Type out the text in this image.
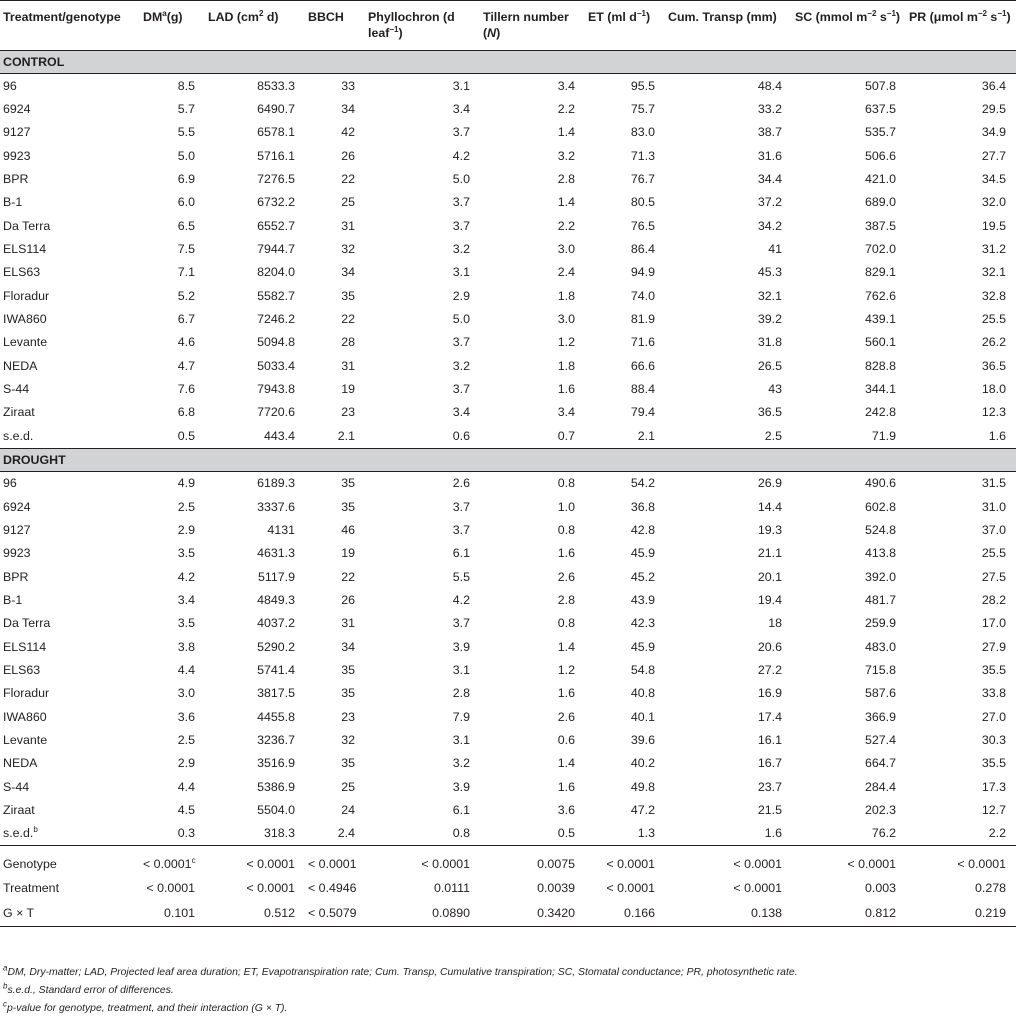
Treatment/genotype	$DM^a(g)$	LAD ($cm^2$ d)	BBCH	Phyllochron (d leaf$^{-1}$)	Tillern number (N)	ET (ml $d^{-1}$)	Cum. Transp (mm)	SC (mmol $m^{-2}$ $s^{-1}$)	PR (μmol $m^{-2}$ $s^{-1}$)
CONTROL									
96	8.5	8533.3	33	3.1	3.4	95.5	48.4	507.8	36.4
6924	5.7	6490.7	34	3.4	2.2	75.7	33.2	637.5	29.5
9127	5.5	6578.1	42	3.7	1.4	83.0	38.7	535.7	34.9
9923	5.0	5716.1	26	4.2	3.2	71.3	31.6	506.6	27.7
BPR	6.9	7276.5	22	5.0	2.8	76.7	34.4	421.0	34.5
B-1	6.0	6732.2	25	3.7	1.4	80.5	37.2	689.0	32.0
Da Terra	6.5	6552.7	31	3.7	2.2	76.5	34.2	387.5	19.5
ELS114	7.5	7944.7	32	3.2	3.0	86.4	41	702.0	31.2
ELS63	7.1	8204.0	34	3.1	2.4	94.9	45.3	829.1	32.1
Floradur	5.2	5582.7	35	2.9	1.8	74.0	32.1	762.6	32.8
IWA860	6.7	7246.2	22	5.0	3.0	81.9	39.2	439.1	25.5
Levante	4.6	5094.8	28	3.7	1.2	71.6	31.8	560.1	26.2
NEDA	4.7	5033.4	31	3.2	1.8	66.6	26.5	828.8	36.5
S-44	7.6	7943.8	19	3.7	1.6	88.4	43	344.1	18.0
Ziraat	6.8	7720.6	23	3.4	3.4	79.4	36.5	242.8	12.3
s.e.d.	0.5	443.4	2.1	0.6	0.7	2.1	2.5	71.9	1.6
DROUGHT									
96	4.9	6189.3	35	2.6	0.8	54.2	26.9	490.6	31.5
6924	2.5	3337.6	35	3.7	1.0	36.8	14.4	602.8	31.0
9127	2.9	4131	46	3.7	0.8	42.8	19.3	524.8	37.0
9923	3.5	4631.3	19	6.1	1.6	45.9	21.1	413.8	25.5
BPR	4.2	5117.9	22	5.5	2.6	45.2	20.1	392.0	27.5
B-1	3.4	4849.3	26	4.2	2.8	43.9	19.4	481.7	28.2
Da Terra	3.5	4037.2	31	3.7	0.8	42.3	18	259.9	17.0
ELS114	3.8	5290.2	34	3.9	1.4	45.9	20.6	483.0	27.9
ELS63	4.4	5741.4	35	3.1	1.2	54.8	27.2	715.8	35.5
Floradur	3.0	3817.5	35	2.8	1.6	40.8	16.9	587.6	33.8
IWA860	3.6	4455.8	23	7.9	2.6	40.1	17.4	366.9	27.0
Levante	2.5	3236.7	32	3.1	0.6	39.6	16.1	527.4	30.3
NEDA	2.9	3516.9	35	3.2	1.4	40.2	16.7	664.7	35.5
S-44	4.4	5386.9	25	3.9	1.6	49.8	23.7	284.4	17.3
Ziraat	4.5	5504.0	24	6.1	3.6	47.2	21.5	202.3	12.7
s.e.d.$^b$	0.3	318.3	2.4	0.8	0.5	1.3	1.6	76.2	2.2
Genotype	< 0.0001$^c$	< 0.0001	< 0.0001	< 0.0001	0.0075	< 0.0001	< 0.0001	< 0.0001	< 0.0001
Treatment	< 0.0001	< 0.0001	< 0.4946	0.0111	0.0039	< 0.0001	< 0.0001	0.003	0.278
G × T	0.101	0.512	< 0.5079	0.0890	0.3420	0.166	0.138	0.812	0.219
$^a$DM, Dry-matter; LAD, Projected leaf area duration; ET, Evapotranspiration rate; Cum. Transp, Cumulative transpiration; SC, Stomatal conductance; PR, photosynthetic rate.
$^b$s.e.d., Standard error of differences.
$^c$p-value for genotype, treatment, and their interaction (G × T).
